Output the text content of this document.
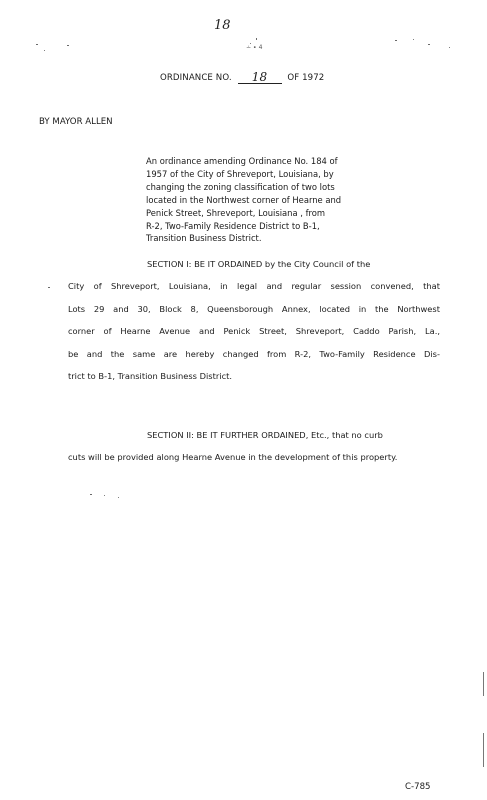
18
∸ ∙ 4
ORDINANCE NO. 18 OF 1972
BY MAYOR ALLEN
An ordinance amending Ordinance No. 184 of
1957 of the City of Shreveport, Louisiana, by
changing the zoning classification of two lots
located in the Northwest corner of Hearne and
Penick Street, Shreveport, Louisiana , from
R-2, Two-Family Residence District to B-1,
Transition Business District.
SECTION I: BE IT ORDAINED by the City Council of the
City of Shreveport, Louisiana, in legal and regular session convened, that
Lots 29 and 30, Block 8, Queensborough Annex, located in the Northwest
corner of Hearne Avenue and Penick Street, Shreveport, Caddo Parish, La.,
be and the same are hereby changed from R-2, Two-Family Residence Dis-
trict to B-1, Transition Business District.
SECTION II: BE IT FURTHER ORDAINED, Etc., that no curb
cuts will be provided along Hearne Avenue in the development of this property.
C-785
